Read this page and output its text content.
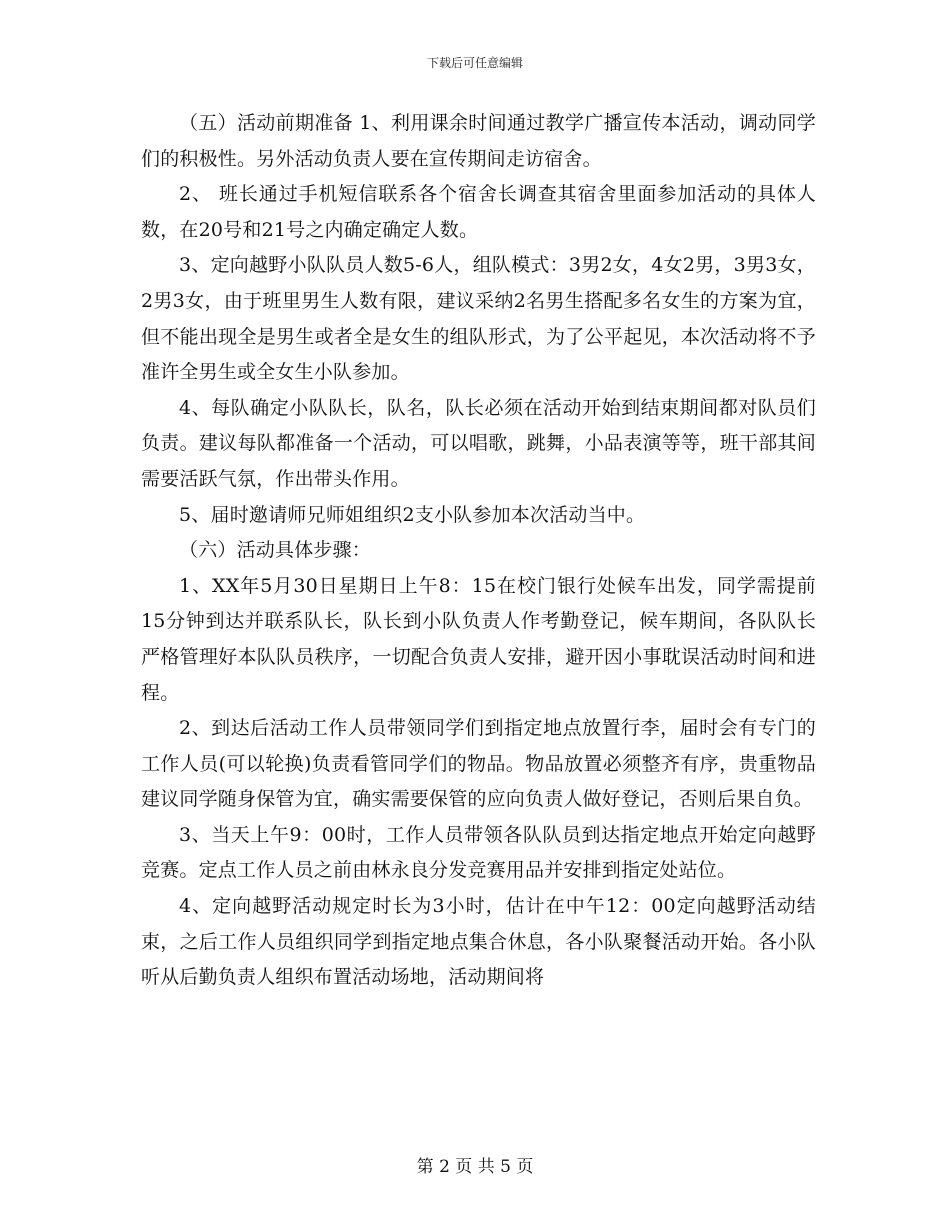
下载后可任意编辑

（五）活动前期准备 1、利用课余时间通过教学广播宣传本活动，调动同学们的积极性。另外活动负责人要在宣传期间走访宿舍。

2、 班长通过手机短信联系各个宿舍长调查其宿舍里面参加活动的具体人数，在20号和21号之内确定确定人数。

3、定向越野小队队员人数5-6人，组队模式：3男2女，4女2男，3男3女，2男3女，由于班里男生人数有限，建议采纳2名男生搭配多名女生的方案为宜，但不能出现全是男生或者全是女生的组队形式，为了公平起见，本次活动将不予准许全男生或全女生小队参加。

4、每队确定小队队长，队名，队长必须在活动开始到结束期间都对队员们负责。建议每队都准备一个活动，可以唱歌，跳舞，小品表演等等，班干部其间需要活跃气氛，作出带头作用。

5、届时邀请师兄师姐组织2支小队参加本次活动当中。

（六）活动具体步骤：

1、XX年5月30日星期日上午8：15在校门银行处候车出发，同学需提前15分钟到达并联系队长，队长到小队负责人作考勤登记，候车期间，各队队长严格管理好本队队员秩序，一切配合负责人安排，避开因小事耽误活动时间和进程。

2、到达后活动工作人员带领同学们到指定地点放置行李，届时会有专门的工作人员(可以轮换)负责看管同学们的物品。物品放置必须整齐有序，贵重物品建议同学随身保管为宜，确实需要保管的应向负责人做好登记，否则后果自负。

3、当天上午9：00时，工作人员带领各队队员到达指定地点开始定向越野竞赛。定点工作人员之前由林永良分发竞赛用品并安排到指定处站位。

4、定向越野活动规定时长为3小时，估计在中午12：00定向越野活动结束，之后工作人员组织同学到指定地点集合休息，各小队聚餐活动开始。各小队听从后勤负责人组织布置活动场地，活动期间将

第 2 页 共 5 页
